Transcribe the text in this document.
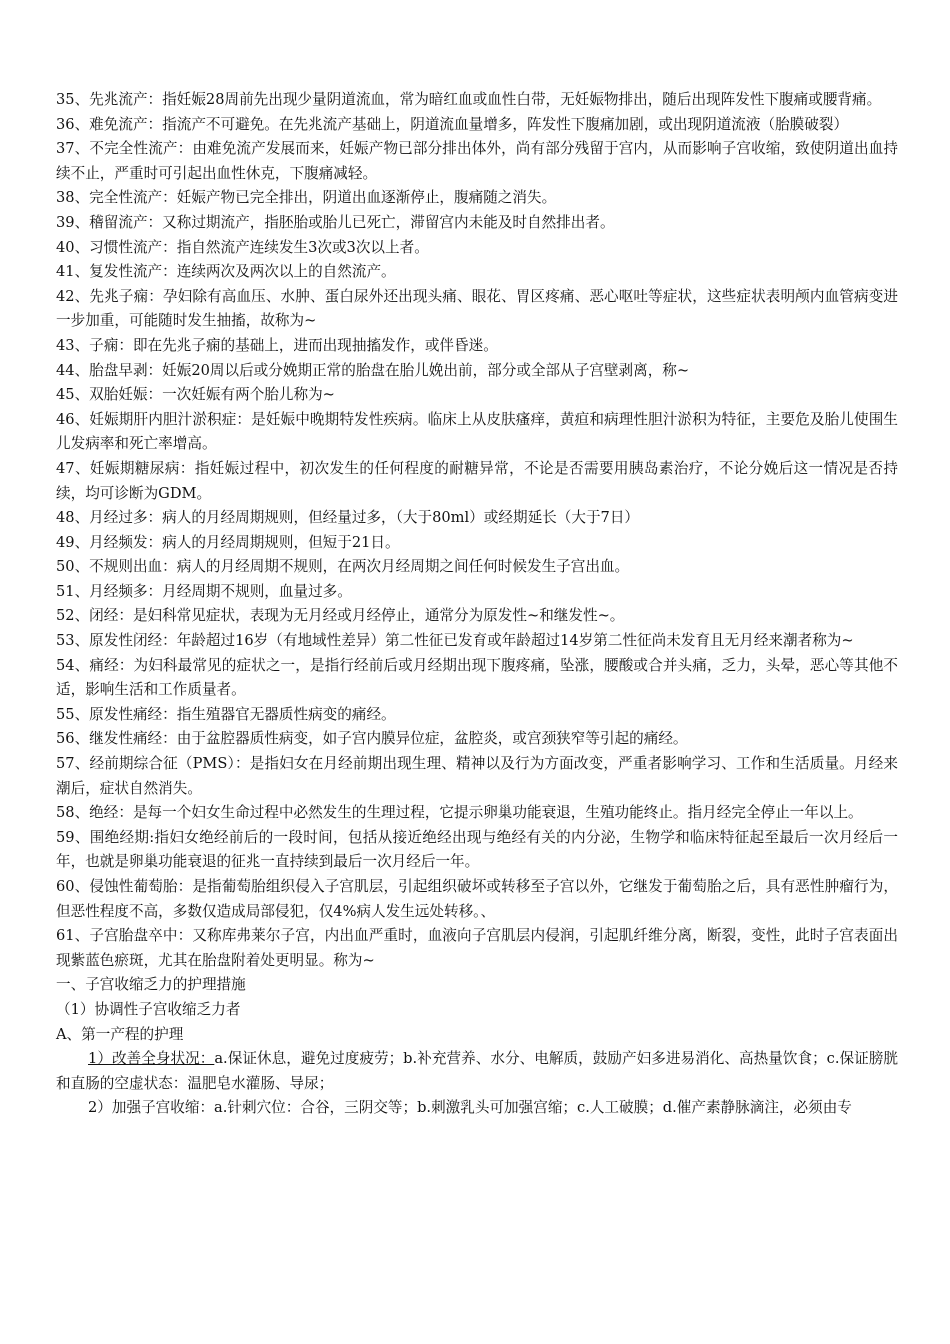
35、先兆流产：指妊娠28周前先出现少量阴道流血，常为暗红血或血性白带，无妊娠物排出，随后出现阵发性下腹痛或腰背痛。

36、难免流产：指流产不可避免。在先兆流产基础上，阴道流血量增多，阵发性下腹痛加剧，或出现阴道流液（胎膜破裂）

37、不完全性流产：由难免流产发展而来，妊娠产物已部分排出体外，尚有部分残留于宫内，从而影响子宫收缩，致使阴道出血持续不止，严重时可引起出血性休克，下腹痛减轻。

38、完全性流产：妊娠产物已完全排出，阴道出血逐渐停止，腹痛随之消失。

39、稽留流产：又称过期流产，指胚胎或胎儿已死亡，滞留宫内未能及时自然排出者。

40、习惯性流产：指自然流产连续发生3次或3次以上者。

41、复发性流产：连续两次及两次以上的自然流产。

42、先兆子痫：孕妇除有高血压、水肿、蛋白尿外还出现头痛、眼花、胃区疼痛、恶心呕吐等症状，这些症状表明颅内血管病变进一步加重，可能随时发生抽搐，故称为~

43、子痫：即在先兆子痫的基础上，进而出现抽搐发作，或伴昏迷。

44、胎盘早剥：妊娠20周以后或分娩期正常的胎盘在胎儿娩出前，部分或全部从子宫壁剥离，称~

45、双胎妊娠：一次妊娠有两个胎儿称为~

46、妊娠期肝内胆汁淤积症：是妊娠中晚期特发性疾病。临床上从皮肤瘙痒，黄疸和病理性胆汁淤积为特征，主要危及胎儿使围生儿发病率和死亡率增高。

47、妊娠期糖尿病：指妊娠过程中，初次发生的任何程度的耐糖异常，不论是否需要用胰岛素治疗，不论分娩后这一情况是否持续，均可诊断为GDM。

48、月经过多：病人的月经周期规则，但经量过多，（大于80ml）或经期延长（大于7日）

49、月经频发：病人的月经周期规则，但短于21日。

50、不规则出血：病人的月经周期不规则，在两次月经周期之间任何时候发生子宫出血。

51、月经频多：月经周期不规则，血量过多。

52、闭经：是妇科常见症状，表现为无月经或月经停止，通常分为原发性~和继发性~。

53、原发性闭经：年龄超过16岁（有地域性差异）第二性征已发育或年龄超过14岁第二性征尚未发育且无月经来潮者称为~

54、痛经：为妇科最常见的症状之一，是指行经前后或月经期出现下腹疼痛，坠涨，腰酸或合并头痛，乏力，头晕，恶心等其他不适，影响生活和工作质量者。

55、原发性痛经：指生殖器官无器质性病变的痛经。

56、继发性痛经：由于盆腔器质性病变，如子宫内膜异位症，盆腔炎，或宫颈狭窄等引起的痛经。

57、经前期综合征（PMS）：是指妇女在月经前期出现生理、精神以及行为方面改变，严重者影响学习、工作和生活质量。月经来潮后，症状自然消失。

58、绝经：是每一个妇女生命过程中必然发生的生理过程，它提示卵巢功能衰退，生殖功能终止。指月经完全停止一年以上。

59、围绝经期:指妇女绝经前后的一段时间，包括从接近绝经出现与绝经有关的内分泌，生物学和临床特征起至最后一次月经后一年，也就是卵巢功能衰退的征兆一直持续到最后一次月经后一年。

60、侵蚀性葡萄胎：是指葡萄胎组织侵入子宫肌层，引起组织破坏或转移至子宫以外，它继发于葡萄胎之后，具有恶性肿瘤行为，但恶性程度不高，多数仅造成局部侵犯，仅4%病人发生远处转移。、

61、子宫胎盘卒中：又称库弗莱尔子宫，内出血严重时，血液向子宫肌层内侵润，引起肌纤维分离，断裂，变性，此时子宫表面出现紫蓝色瘀斑，尤其在胎盘附着处更明显。称为~

一、子宫收缩乏力的护理措施

（1）协调性子宫收缩乏力者

A、第一产程的护理

1）改善全身状况：a.保证休息，避免过度疲劳；b.补充营养、水分、电解质，鼓励产妇多进易消化、高热量饮食；c.保证膀胱和直肠的空虚状态：温肥皂水灌肠、导尿；

2）加强子宫收缩：a.针刺穴位：合谷，三阴交等；b.刺激乳头可加强宫缩；c.人工破膜；d.催产素静脉滴注，必须由专
